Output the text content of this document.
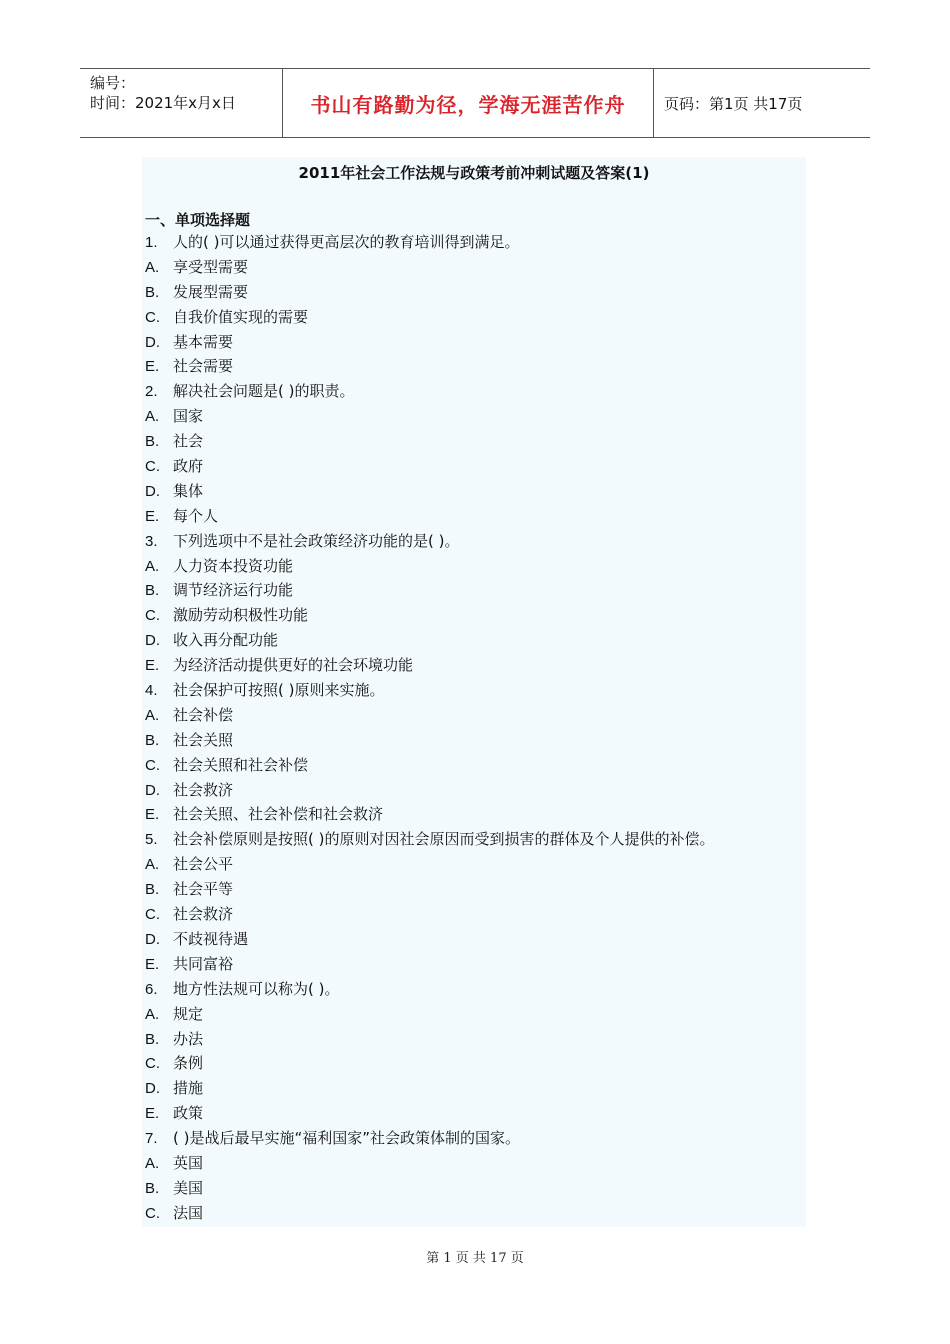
编号：
时间：2021年x月x日	书山有路勤为径，学海无涯苦作舟	页码：第1页 共17页
2011年社会工作法规与政策考前冲刺试题及答案(1)
一、单项选择题
1. 人的( )可以通过获得更高层次的教育培训得到满足。
A. 享受型需要
B. 发展型需要
C. 自我价值实现的需要
D. 基本需要
E. 社会需要
2. 解决社会问题是( )的职责。
A. 国家
B. 社会
C. 政府
D. 集体
E. 每个人
3. 下列选项中不是社会政策经济功能的是( )。
A. 人力资本投资功能
B. 调节经济运行功能
C. 激励劳动积极性功能
D. 收入再分配功能
E. 为经济活动提供更好的社会环境功能
4. 社会保护可按照( )原则来实施。
A. 社会补偿
B. 社会关照
C. 社会关照和社会补偿
D. 社会救济
E. 社会关照、社会补偿和社会救济
5. 社会补偿原则是按照( )的原则对因社会原因而受到损害的群体及个人提供的补偿。
A. 社会公平
B. 社会平等
C. 社会救济
D. 不歧视待遇
E. 共同富裕
6. 地方性法规可以称为( )。
A. 规定
B. 办法
C. 条例
D. 措施
E. 政策
7. ( )是战后最早实施“福利国家”社会政策体制的国家。
A. 英国
B. 美国
C. 法国
第 1 页 共 17 页
